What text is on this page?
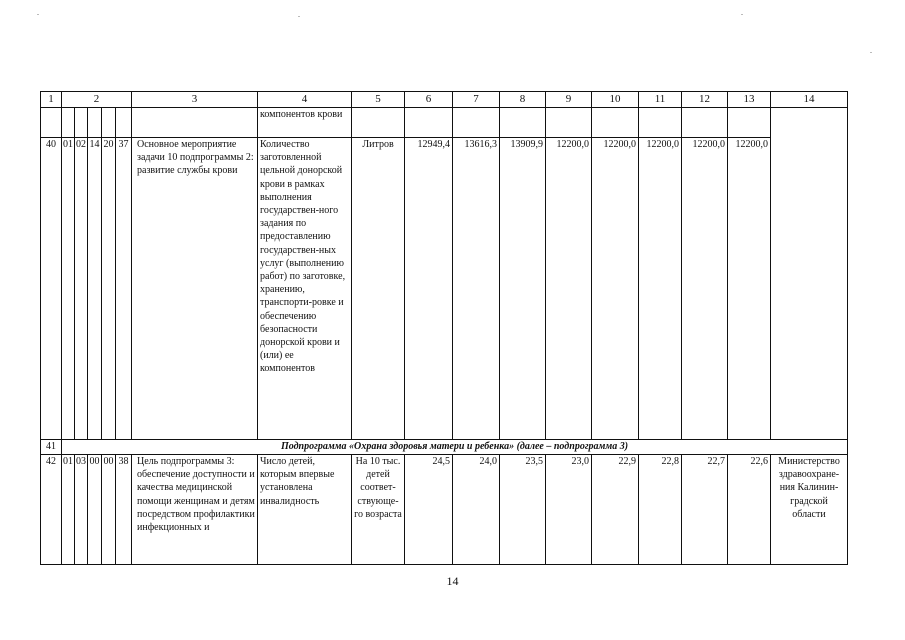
1	2					3	4	5	6	7	8	9	10	11	12	13	14
							компонентов крови										
40	01	02	14	20	37	Основное мероприятие задачи 10 подпрограммы 2: развитие службы крови	Количество заготовленной цельной донорской крови в рамках выполнения государствен-ного задания по предоставлению государствен-ных услуг (выполнению работ) по заготовке, хранению, транспорти-ровке и обеспечению безопасности донорской крови и (или) ее компонентов	Литров	12949,4	13616,3	13909,9	12200,0	12200,0	12200,0	12200,0	12200,0	
41	Подпрограмма «Охрана здоровья матери и ребенка» (далее – подпрограмма 3)																
42	01	03	00	00	38	Цель подпрограммы 3: обеспечение доступности и качества медицинской помощи женщинам и детям посредством профилактики инфекционных и	Число детей, которым впервые установлена инвалидность	На 10 тыс. детей соответ-ствующе-го возраста	24,5	24,0	23,5	23,0	22,9	22,8	22,7	22,6	Министерство здравоохране-ния Калинин-градской области
14
